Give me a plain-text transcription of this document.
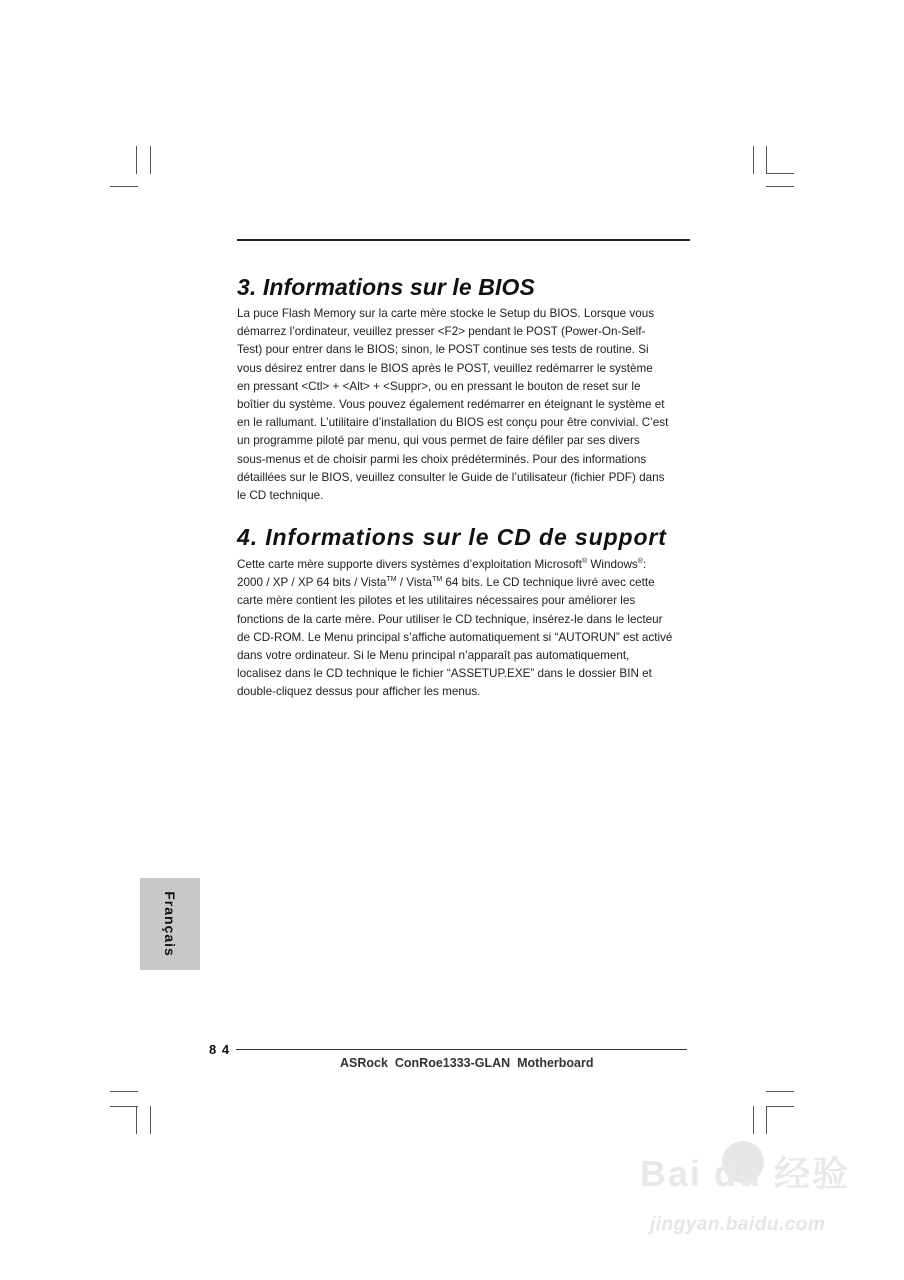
3. Informations sur le BIOS
La puce Flash Memory sur la carte mère stocke le Setup du BIOS. Lorsque vous
démarrez l’ordinateur, veuillez presser <F2> pendant le POST (Power-On-Self-
Test) pour entrer dans le BIOS; sinon, le POST continue ses tests de routine. Si
vous désirez entrer dans le BIOS après le POST, veuillez redémarrer le système
en pressant <Ctl> + <Alt> + <Suppr>, ou en pressant le bouton de reset sur le
boîtier du système. Vous pouvez également redémarrer en éteignant le système et
en le rallumant. L’utilitaire d’installation du BIOS est conçu pour être convivial. C’est
un programme piloté par menu, qui vous permet de faire défiler par ses divers
sous-menus et de choisir parmi les choix prédéterminés. Pour des informations
détaillées sur le BIOS, veuillez consulter le Guide de l’utilisateur (fichier PDF) dans
le CD technique.
4. Informations sur le CD de support
Cette carte mère supporte divers systèmes d’exploitation Microsoft® Windows®:
2000 / XP / XP 64 bits / Vista™ / Vista™ 64 bits. Le CD technique livré avec cette
carte mère contient les pilotes et les utilitaires nécessaires pour améliorer les
fonctions de la carte mère. Pour utiliser le CD technique, insérez-le dans le lecteur
de CD-ROM. Le Menu principal s’affiche automatiquement si “AUTORUN” est activé
dans votre ordinateur. Si le Menu principal n’apparaît pas automatiquement,
localisez dans le CD technique le fichier “ASSETUP.EXE” dans le dossier BIN et
double-cliquez dessus pour afficher les menus.
Français
8 4
ASRock  ConRoe1333-GLAN  Motherboard
Bai du 经验
jingyan.baidu.com
